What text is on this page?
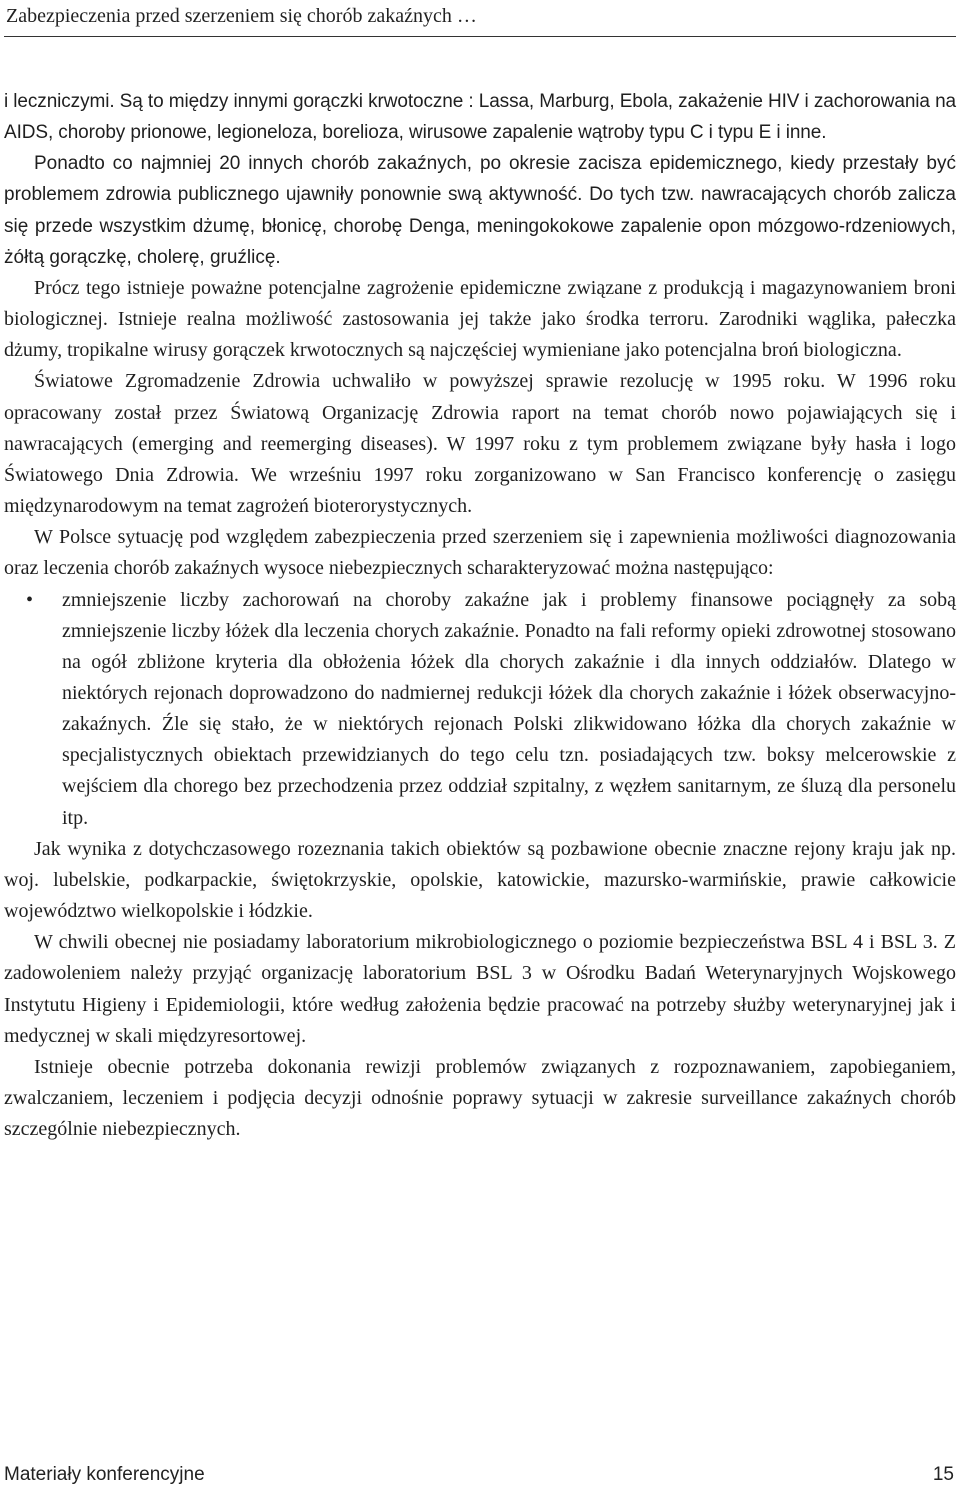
Zabezpieczenia przed szerzeniem się chorób zakaźnych …

i leczniczymi. Są to między innymi gorączki krwotoczne : Lassa, Marburg, Ebola, zakażenie HIV i zachorowania na AIDS, choroby prionowe, legioneloza, borelioza, wirusowe zapalenie wątroby typu C i typu E i inne.

Ponadto co najmniej 20 innych chorób zakaźnych, po okresie zacisza epidemicznego, kiedy przestały być problemem zdrowia publicznego ujawniły ponownie swą aktywność. Do tych tzw. nawracających chorób zalicza się przede wszystkim dżumę, błonicę, chorobę Denga, meningokokowe zapalenie opon mózgowo-rdzeniowych, żółtą gorączkę, cholerę, gruźlicę.

Prócz tego istnieje poważne potencjalne zagrożenie epidemiczne związane z produkcją i magazynowaniem broni biologicznej. Istnieje realna możliwość zastosowania jej także jako środka terroru. Zarodniki wąglika, pałeczka dżumy, tropikalne wirusy gorączek krwotocznych są najczęściej wymieniane jako potencjalna broń biologiczna.

Światowe Zgromadzenie Zdrowia uchwaliło w powyższej sprawie rezolucję w 1995 roku. W 1996 roku opracowany został przez Światową Organizację Zdrowia raport na temat chorób nowo pojawiających się i nawracających (emerging and reemerging diseases). W 1997 roku z tym problemem związane były hasła i logo Światowego Dnia Zdrowia. We wrześniu 1997 roku zorganizowano w San Francisco konferencję o zasięgu międzynarodowym na temat zagrożeń bioterorystycznych.

W Polsce sytuację pod względem zabezpieczenia przed szerzeniem się i zapewnienia możliwości diagnozowania oraz leczenia chorób zakaźnych wysoce niebezpiecznych scharakteryzować można następująco:

• zmniejszenie liczby zachorowań na choroby zakaźne jak i problemy finansowe pociągnęły za sobą zmniejszenie liczby łóżek dla leczenia chorych zakaźnie. Ponadto na fali reformy opieki zdrowotnej stosowano na ogół zbliżone kryteria dla obłożenia łóżek dla chorych zakaźnie i dla innych oddziałów. Dlatego w niektórych rejonach doprowadzono do nadmiernej redukcji łóżek dla chorych zakaźnie i łóżek obserwacyjno-zakaźnych. Źle się stało, że w niektórych rejonach Polski zlikwidowano łóżka dla chorych zakaźnie w specjalistycznych obiektach przewidzianych do tego celu tzn. posiadających tzw. boksy melcerowskie z wejściem dla chorego bez przechodzenia przez oddział szpitalny, z węzłem sanitarnym, ze śluzą dla personelu itp.

Jak wynika z dotychczasowego rozeznania takich obiektów są pozbawione obecnie znaczne rejony kraju jak np. woj. lubelskie, podkarpackie, świętokrzyskie, opolskie, katowickie, mazursko-warmińskie, prawie całkowicie województwo wielkopolskie i łódzkie.

W chwili obecnej nie posiadamy laboratorium mikrobiologicznego o poziomie bezpieczeństwa BSL 4 i BSL 3. Z zadowoleniem należy przyjąć organizację laboratorium BSL 3 w Ośrodku Badań Weterynaryjnych Wojskowego Instytutu Higieny i Epidemiologii, które według założenia będzie pracować na potrzeby służby weterynaryjnej jak i medycznej w skali międzyresortowej.

Istnieje obecnie potrzeba dokonania rewizji problemów związanych z rozpoznawaniem, zapobieganiem, zwalczaniem, leczeniem i podjęcia decyzji odnośnie poprawy sytuacji w zakresie surveillance zakaźnych chorób szczególnie niebezpiecznych.

Materiały konferencyjne	15
